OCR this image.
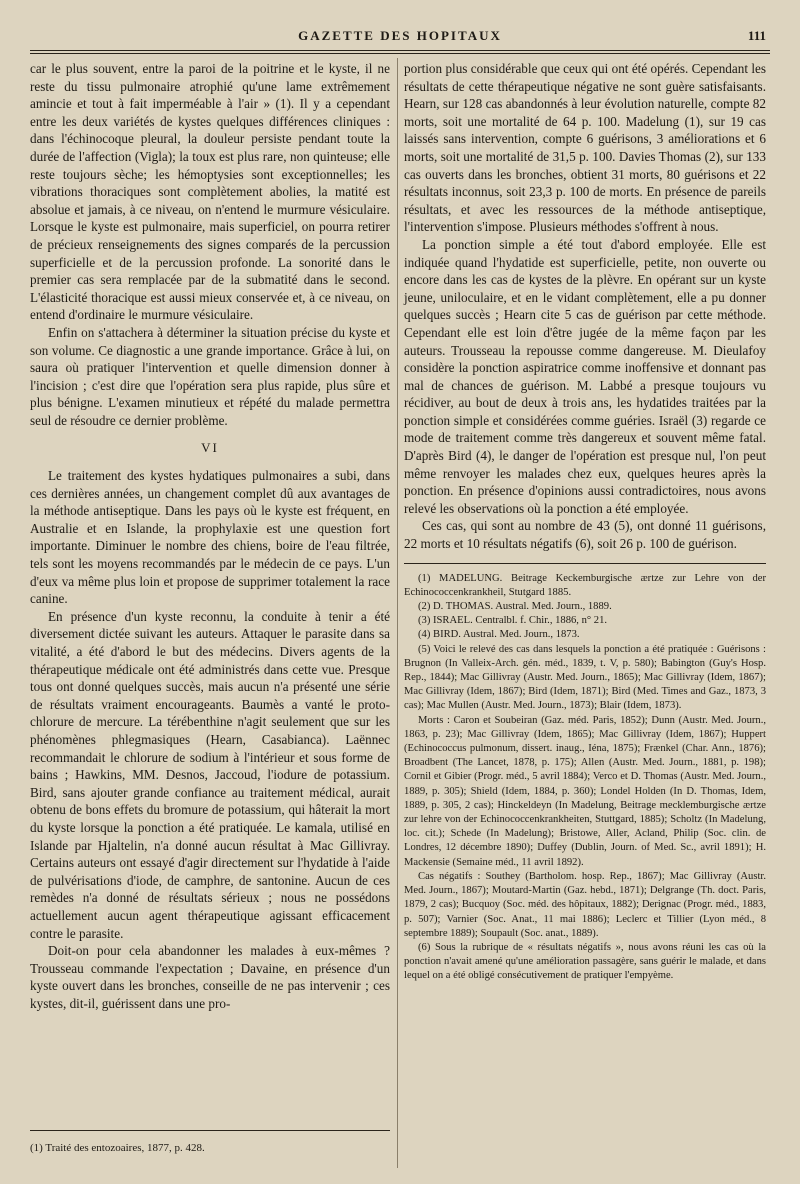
GAZETTE DES HOPITAUX	111

car le plus souvent, entre la paroi de la poitrine et le kyste, il ne reste du tissu pulmonaire atrophié qu'une lame extrêmement amincie et tout à fait imperméable à l'air » (1). Il y a cependant entre les deux variétés de kystes quelques différences cliniques : dans l'échinocoque pleural, la douleur persiste pendant toute la durée de l'affection (Vigla); la toux est plus rare, non quinteuse; elle reste toujours sèche; les hémoptysies sont exceptionnelles; les vibrations thoraciques sont complètement abolies, la matité est absolue et jamais, à ce niveau, on n'entend le murmure vésiculaire. Lorsque le kyste est pulmonaire, mais superficiel, on pourra retirer de précieux renseignements des signes comparés de la percussion superficielle et de la percussion profonde. La sonorité dans le premier cas sera remplacée par de la submatité dans le second. L'élasticité thoracique est aussi mieux conservée et, à ce niveau, on entend d'ordinaire le murmure vésiculaire.

Enfin on s'attachera à déterminer la situation précise du kyste et son volume. Ce diagnostic a une grande importance. Grâce à lui, on saura où pratiquer l'intervention et quelle dimension donner à l'incision ; c'est dire que l'opération sera plus rapide, plus sûre et plus bénigne. L'examen minutieux et répété du malade permettra seul de résoudre ce dernier problème.

VI

Le traitement des kystes hydatiques pulmonaires a subi, dans ces dernières années, un changement complet dû aux avantages de la méthode antiseptique. Dans les pays où le kyste est fréquent, en Australie et en Islande, la prophylaxie est une question fort importante. Diminuer le nombre des chiens, boire de l'eau filtrée, tels sont les moyens recommandés par le médecin de ce pays. L'un d'eux va même plus loin et propose de supprimer totalement la race canine.

En présence d'un kyste reconnu, la conduite à tenir a été diversement dictée suivant les auteurs. Attaquer le parasite dans sa vitalité, a été d'abord le but des médecins. Divers agents de la thérapeutique médicale ont été administrés dans cette vue. Presque tous ont donné quelques succès, mais aucun n'a présenté une série de résultats vraiment encourageants. Baumès a vanté le proto-chlorure de mercure. La térébenthine n'agit seulement que sur les phénomènes phlegmasiques (Hearn, Casabianca). Laënnec recommandait le chlorure de sodium à l'intérieur et sous forme de bains ; Hawkins, MM. Desnos, Jaccoud, l'iodure de potassium. Bird, sans ajouter grande confiance au traitement médical, aurait obtenu de bons effets du bromure de potassium, qui hâterait la mort du kyste lorsque la ponction a été pratiquée. Le kamala, utilisé en Islande par Hjaltelin, n'a donné aucun résultat à Mac Gillivray. Certains auteurs ont essayé d'agir directement sur l'hydatide à l'aide de pulvérisations d'iode, de camphre, de santonine. Aucun de ces remèdes n'a donné de résultats sérieux ; nous ne possédons actuellement aucun agent thérapeutique agissant efficacement contre le parasite.

Doit-on pour cela abandonner les malades à eux-mêmes ? Trousseau commande l'expectation ; Davaine, en présence d'un kyste ouvert dans les bronches, conseille de ne pas intervenir ; ces kystes, dit-il, guérissent dans une pro-

(1) Traité des entozoaires, 1877, p. 428.

portion plus considérable que ceux qui ont été opérés. Cependant les résultats de cette thérapeutique négative ne sont guère satisfaisants. Hearn, sur 128 cas abandonnés à leur évolution naturelle, compte 82 morts, soit une mortalité de 64 p. 100. Madelung (1), sur 19 cas laissés sans intervention, compte 6 guérisons, 3 améliorations et 6 morts, soit une mortalité de 31,5 p. 100. Davies Thomas (2), sur 133 cas ouverts dans les bronches, obtient 31 morts, 80 guérisons et 22 résultats inconnus, soit 23,3 p. 100 de morts. En présence de pareils résultats, et avec les ressources de la méthode antiseptique, l'intervention s'impose. Plusieurs méthodes s'offrent à nous.

La ponction simple a été tout d'abord employée. Elle est indiquée quand l'hydatide est superficielle, petite, non ouverte ou encore dans les cas de kystes de la plèvre. En opérant sur un kyste jeune, uniloculaire, et en le vidant complètement, elle a pu donner quelques succès ; Hearn cite 5 cas de guérison par cette méthode. Cependant elle est loin d'être jugée de la même façon par les auteurs. Trousseau la repousse comme dangereuse. M. Dieulafoy considère la ponction aspiratrice comme inoffensive et donnant pas mal de chances de guérison. M. Labbé a presque toujours vu récidiver, au bout de deux à trois ans, les hydatides traitées par la ponction simple et considérées comme guéries. Israël (3) regarde ce mode de traitement comme très dangereux et souvent même fatal. D'après Bird (4), le danger de l'opération est presque nul, l'on peut même renvoyer les malades chez eux, quelques heures après la ponction. En présence d'opinions aussi contradictoires, nous avons relevé les observations où la ponction a été employée.

Ces cas, qui sont au nombre de 43 (5), ont donné 11 guérisons, 22 morts et 10 résultats négatifs (6), soit 26 p. 100 de guérison.

(1) MADELUNG. Beitrage Keckemburgische ærtze zur Lehre von der Echinococcenkrankheil, Stutgard 1885.

(2) D. THOMAS. Austral. Med. Journ., 1889.

(3) ISRAEL. Centralbl. f. Chir., 1886, n° 21.

(4) BIRD. Austral. Med. Journ., 1873.

(5) Voici le relevé des cas dans lesquels la ponction a été pratiquée : Guérisons : Brugnon (In Valleix-Arch. gén. méd., 1839, t. V, p. 580); Babington (Guy's Hosp. Rep., 1844); Mac Gillivray (Austr. Med. Journ., 1865); Mac Gillivray (Idem, 1867); Mac Gillivray (Idem, 1867); Bird (Idem, 1871); Bird (Med. Times and Gaz., 1873, 3 cas); Mac Mullen (Austr. Med. Journ., 1873); Blair (Idem, 1873).

Morts : Caron et Soubeiran (Gaz. méd. Paris, 1852); Dunn (Austr. Med. Journ., 1863, p. 23); Mac Gillivray (Idem, 1865); Mac Gillivray (Idem, 1867); Huppert (Echinococcus pulmonum, dissert. inaug., Iéna, 1875); Frænkel (Char. Ann., 1876); Broadbent (The Lancet, 1878, p. 175); Allen (Austr. Med. Journ., 1881, p. 198); Cornil et Gibier (Progr. méd., 5 avril 1884); Verco et D. Thomas (Austr. Med. Journ., 1889, p. 305); Shield (Idem, 1884, p. 360); Londel Holden (In D. Thomas, Idem, 1889, p. 305, 2 cas); Hinckeldeyn (In Madelung, Beitrage mecklemburgische ærtze zur lehre von der Echinococcenkrankheiten, Stuttgard, 1885); Scholtz (In Madelung, loc. cit.); Schede (In Madelung); Bristowe, Aller, Acland, Philip (Soc. clin. de Londres, 12 décembre 1890); Duffey (Dublin, Journ. of Med. Sc., avril 1891); H. Mackensie (Semaine méd., 11 avril 1892).

Cas négatifs : Southey (Bartholom. hosp. Rep., 1867); Mac Gillivray (Austr. Med. Journ., 1867); Moutard-Martin (Gaz. hebd., 1871); Delgrange (Th. doct. Paris, 1879, 2 cas); Bucquoy (Soc. méd. des hôpitaux, 1882); Derignac (Progr. méd., 1883, p. 507); Varnier (Soc. Anat., 11 mai 1886); Leclerc et Tillier (Lyon méd., 8 septembre 1889); Soupault (Soc. anat., 1889).

(6) Sous la rubrique de « résultats négatifs », nous avons réuni les cas où la ponction n'avait amené qu'une amélioration passagère, sans guérir le malade, et dans lequel on a été obligé consécutivement de pratiquer l'empyème.
